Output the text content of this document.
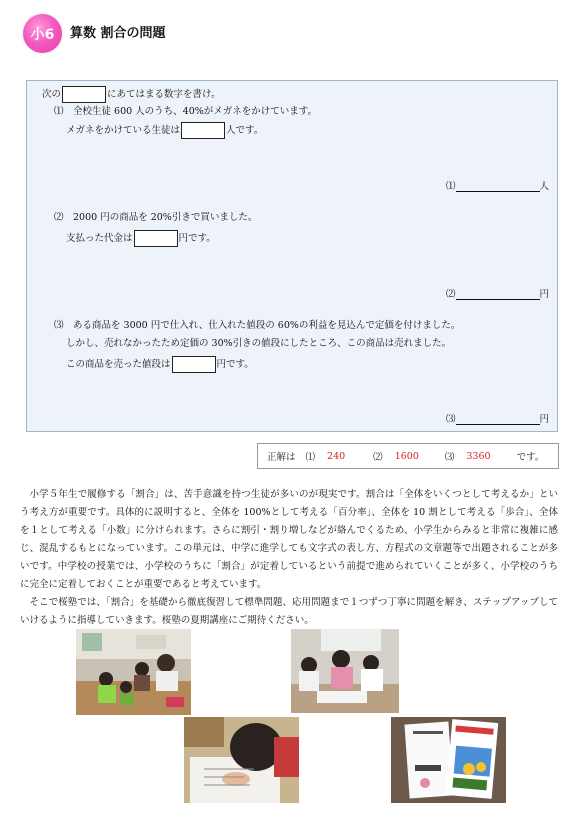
小6	算数 割合の問題
次の	にあてはまる数字を書け。
⑴　全校生徒 600 人のうち、40%がメガネをかけています。
メガネをかけている生徒は	人です。
⑴	人
⑵　2000 円の商品を 20%引きで買いました。
支払った代金は	円です。
⑵	円
⑶　ある商品を 3000 円で仕入れ、仕入れた値段の 60%の利益を見込んで定価を付けました。
しかし、売れなかったため定価の 30%引きの値段にしたところ、この商品は売れました。
この商品を売った値段は	円です。
⑶	円
正解は ⑴ 240	⑵ 1600	⑶ 3360	です。

小学５年生で履修する「割合」は、苦手意識を持つ生徒が多いのが現実です。割合は「全体をいくつとして考えるか」という考え方が重要です。具体的に説明すると、全体を 100%として考える「百分率」、全体を 10 割として考える「歩合」、全体を１として考える「小数」に分けられます。さらに割引・割り増しなどが絡んでくるため、小学生からみると非常に複雑に感じ、混乱するもとになっています。この単元は、中学に進学しても文字式の表し方、方程式の文章題等で出題されることが多いです。中学校の授業では、小学校のうちに「割合」が定着しているという前提で進められていくことが多く、小学校のうちに完全に定着しておくことが重要であると考えています。

そこで桜塾では、「割合」を基礎から徹底復習して標準問題、応用問題まで１つずつ丁寧に問題を解き、ステップアップしていけるように指導していきます。桜塾の夏期講座にご期待ください。
